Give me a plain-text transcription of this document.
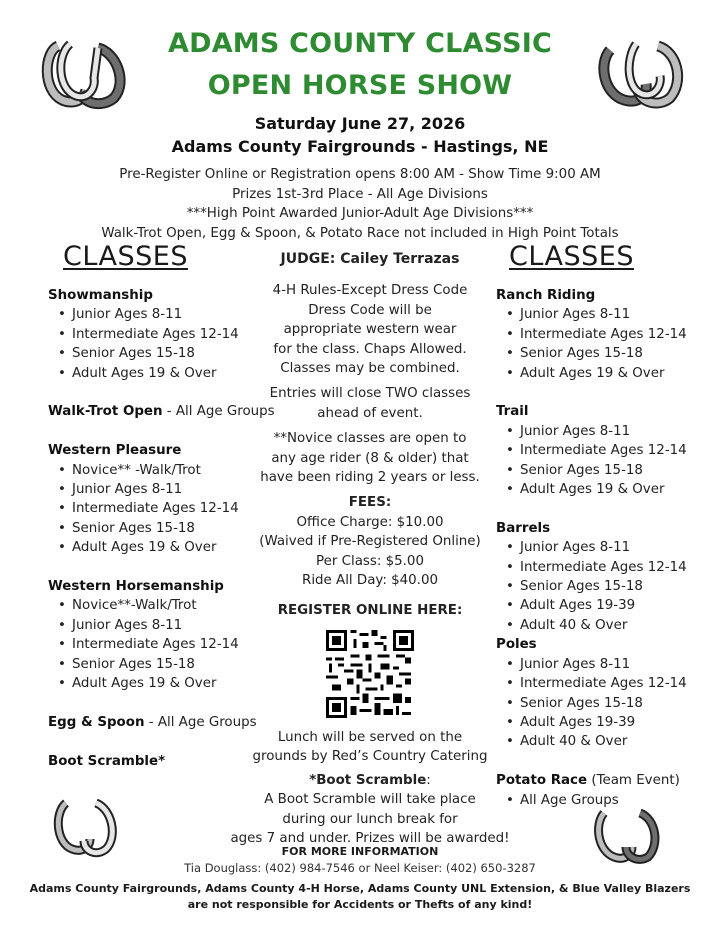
ADAMS COUNTY CLASSIC
OPEN HORSE SHOW
Saturday June 27, 2026
Adams County Fairgrounds - Hastings, NE
Pre-Register Online or Registration opens 8:00 AM - Show Time 9:00 AM
Prizes 1st-3rd Place - All Age Divisions
***High Point Awarded Junior-Adult Age Divisions***
Walk-Trot Open, Egg & Spoon, & Potato Race not included in High Point Totals
CLASSES	CLASSES
Showmanship
• Junior Ages 8-11
• Intermediate Ages 12-14
• Senior Ages 15-18
• Adult Ages 19 & Over
Walk-Trot Open - All Age Groups
Western Pleasure
• Novice** -Walk/Trot
• Junior Ages 8-11
• Intermediate Ages 12-14
• Senior Ages 15-18
• Adult Ages 19 & Over
Western Horsemanship
• Novice**-Walk/Trot
• Junior Ages 8-11
• Intermediate Ages 12-14
• Senior Ages 15-18
• Adult Ages 19 & Over
Egg & Spoon - All Age Groups
Boot Scramble*
JUDGE: Cailey Terrazas
4-H Rules-Except Dress Code
Dress Code will be
appropriate western wear
for the class. Chaps Allowed.
Classes may be combined.
Entries will close TWO classes
ahead of event.
**Novice classes are open to
any age rider (8 & older) that
have been riding 2 years or less.
FEES:
Office Charge: $10.00
(Waived if Pre-Registered Online)
Per Class: $5.00
Ride All Day: $40.00
REGISTER ONLINE HERE:
Lunch will be served on the
grounds by Red’s Country Catering
*Boot Scramble:
A Boot Scramble will take place
during our lunch break for
ages 7 and under. Prizes will be awarded!
Ranch Riding
• Junior Ages 8-11
• Intermediate Ages 12-14
• Senior Ages 15-18
• Adult Ages 19 & Over
Trail
• Junior Ages 8-11
• Intermediate Ages 12-14
• Senior Ages 15-18
• Adult Ages 19 & Over
Barrels
• Junior Ages 8-11
• Intermediate Ages 12-14
• Senior Ages 15-18
• Adult Ages 19-39
• Adult 40 & Over
Poles
• Junior Ages 8-11
• Intermediate Ages 12-14
• Senior Ages 15-18
• Adult Ages 19-39
• Adult 40 & Over
Potato Race (Team Event)
• All Age Groups
FOR MORE INFORMATION
Tia Douglass: (402) 984-7546 or Neel Keiser: (402) 650-3287
Adams County Fairgrounds, Adams County 4-H Horse, Adams County UNL Extension, & Blue Valley Blazers
are not responsible for Accidents or Thefts of any kind!
